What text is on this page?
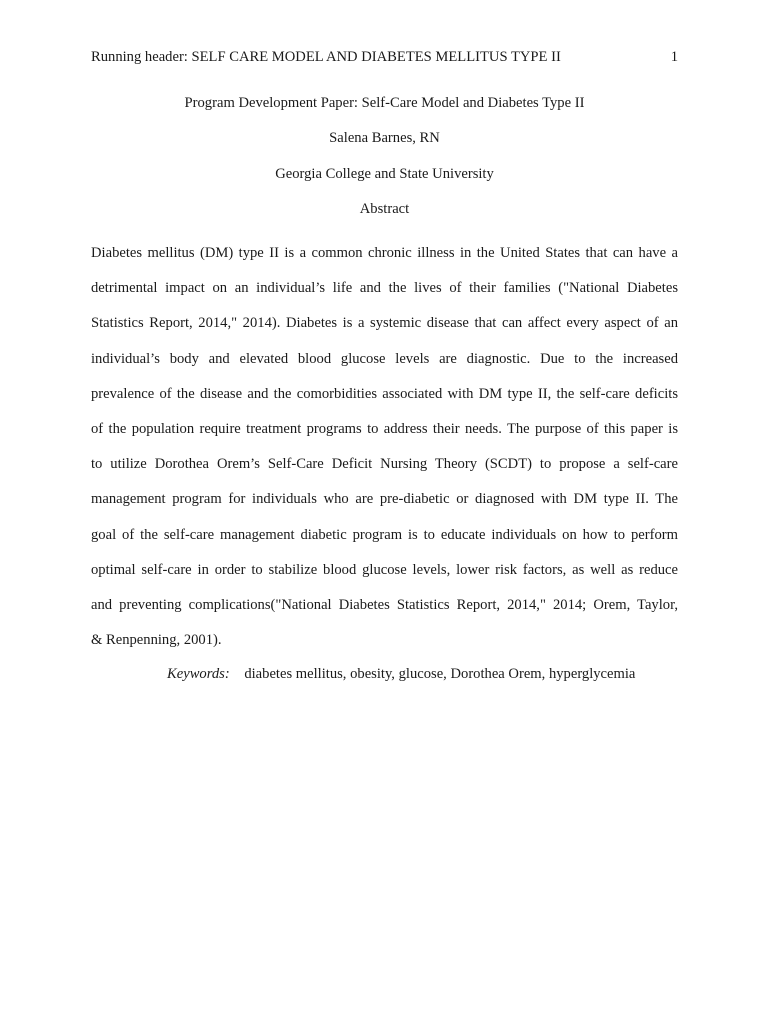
Running header: SELF CARE MODEL AND DIABETES MELLITUS TYPE II	1
Program Development Paper: Self-Care Model and Diabetes Type II
Salena Barnes, RN
Georgia College and State University
Abstract
Diabetes mellitus (DM) type II is a common chronic illness in the United States that can have a
detrimental impact on an individual’s life and the lives of their families ("National Diabetes
Statistics Report, 2014," 2014). Diabetes is a systemic disease that can affect every aspect of an
individual’s body and elevated blood glucose levels are diagnostic. Due to the increased
prevalence of the disease and the comorbidities associated with DM type II, the self-care deficits
of the population require treatment programs to address their needs. The purpose of this paper is
to utilize Dorothea Orem’s Self-Care Deficit Nursing Theory (SCDT) to propose a self-care
management program for individuals who are pre-diabetic or diagnosed with DM type II. The
goal of the self-care management diabetic program is to educate individuals on how to perform
optimal self-care in order to stabilize blood glucose levels, lower risk factors, as well as reduce
and preventing complications("National Diabetes Statistics Report, 2014," 2014; Orem, Taylor,
& Renpenning, 2001).
Keywords: diabetes mellitus, obesity, glucose, Dorothea Orem, hyperglycemia
